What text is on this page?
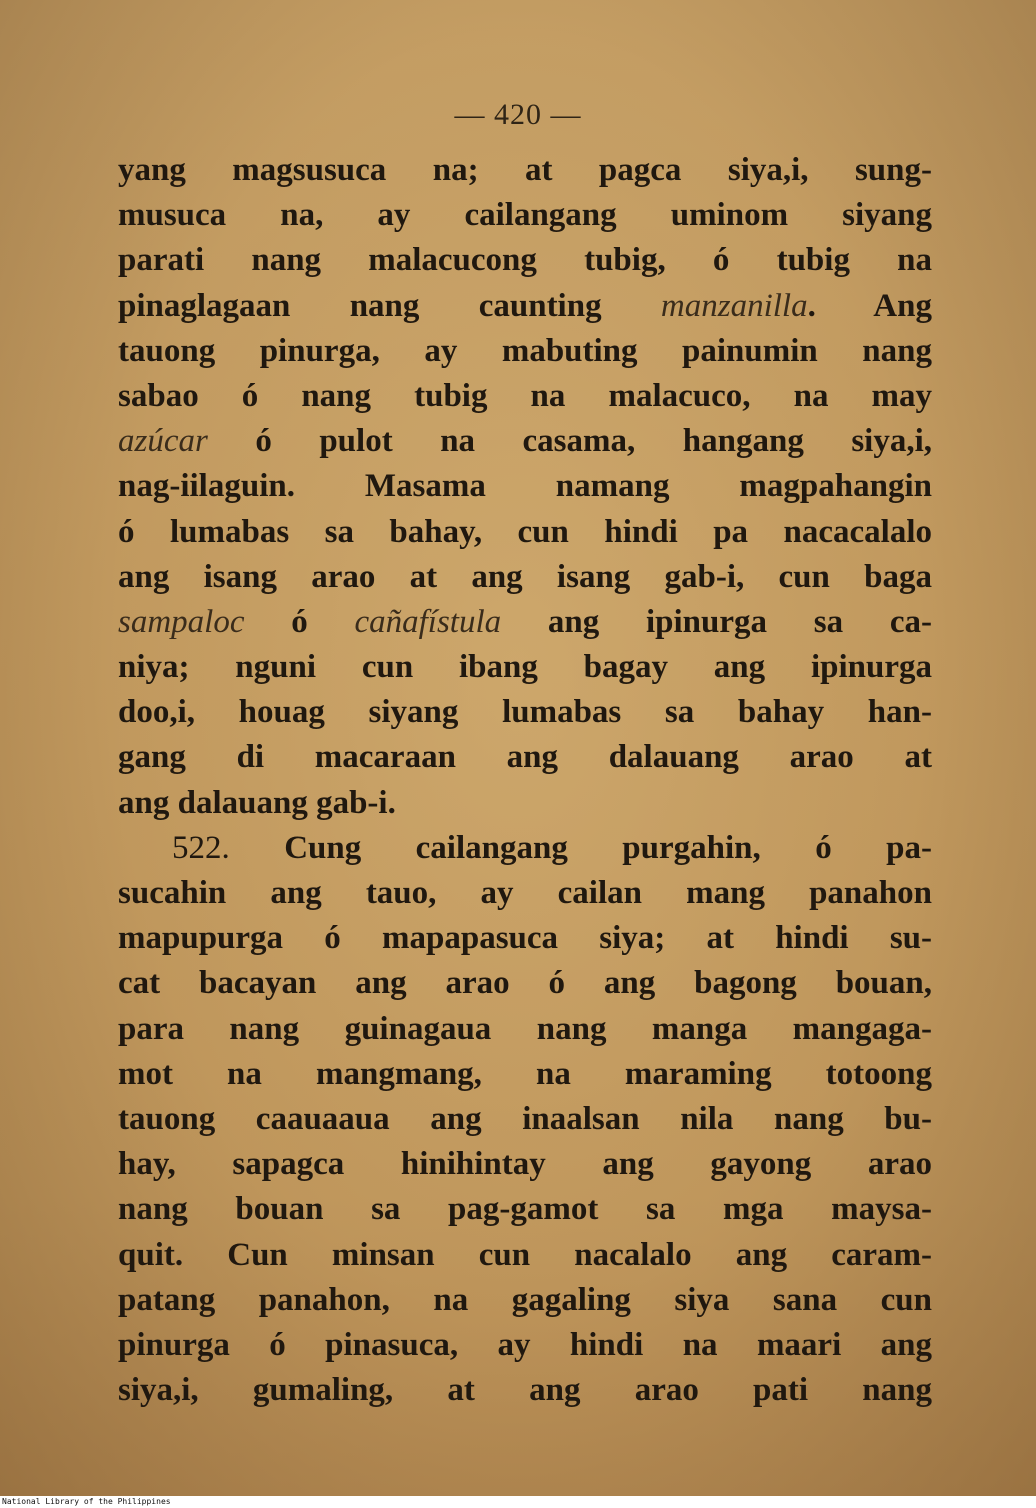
— 420 —
yang magsusuca na; at pagca siya,i, sung-
musuca na, ay cailangang uminom siyang
parati nang malacucong tubig, ó tubig na
pinaglagaan nang caunting manzanilla. Ang
tauong pinurga, ay mabuting painumin nang
sabao ó nang tubig na malacuco, na may
azúcar ó pulot na casama, hangang siya,i,
nag-iilaguin. Masama namang magpahangin
ó lumabas sa bahay, cun hindi pa nacacalalo
ang isang arao at ang isang gab-i, cun baga
sampaloc ó cañafístula ang ipinurga sa ca-
niya; nguni cun ibang bagay ang ipinurga
doo,i, houag siyang lumabas sa bahay han-
gang di macaraan ang dalauang arao at
ang dalauang gab-i.
522. Cung cailangang purgahin, ó pa-
sucahin ang tauo, ay cailan mang panahon
mapupurga ó mapapasuca siya; at hindi su-
cat bacayan ang arao ó ang bagong bouan,
para nang guinagaua nang manga mangaga-
mot na mangmang, na maraming totoong
tauong caauaaua ang inaalsan nila nang bu-
hay, sapagca hinihintay ang gayong arao
nang bouan sa pag-gamot sa mga maysa-
quit. Cun minsan cun nacalalo ang caram-
patang panahon, na gagaling siya sana cun
pinurga ó pinasuca, ay hindi na maari ang
siya,i, gumaling, at ang arao pati nang
National Library of the Philippines
